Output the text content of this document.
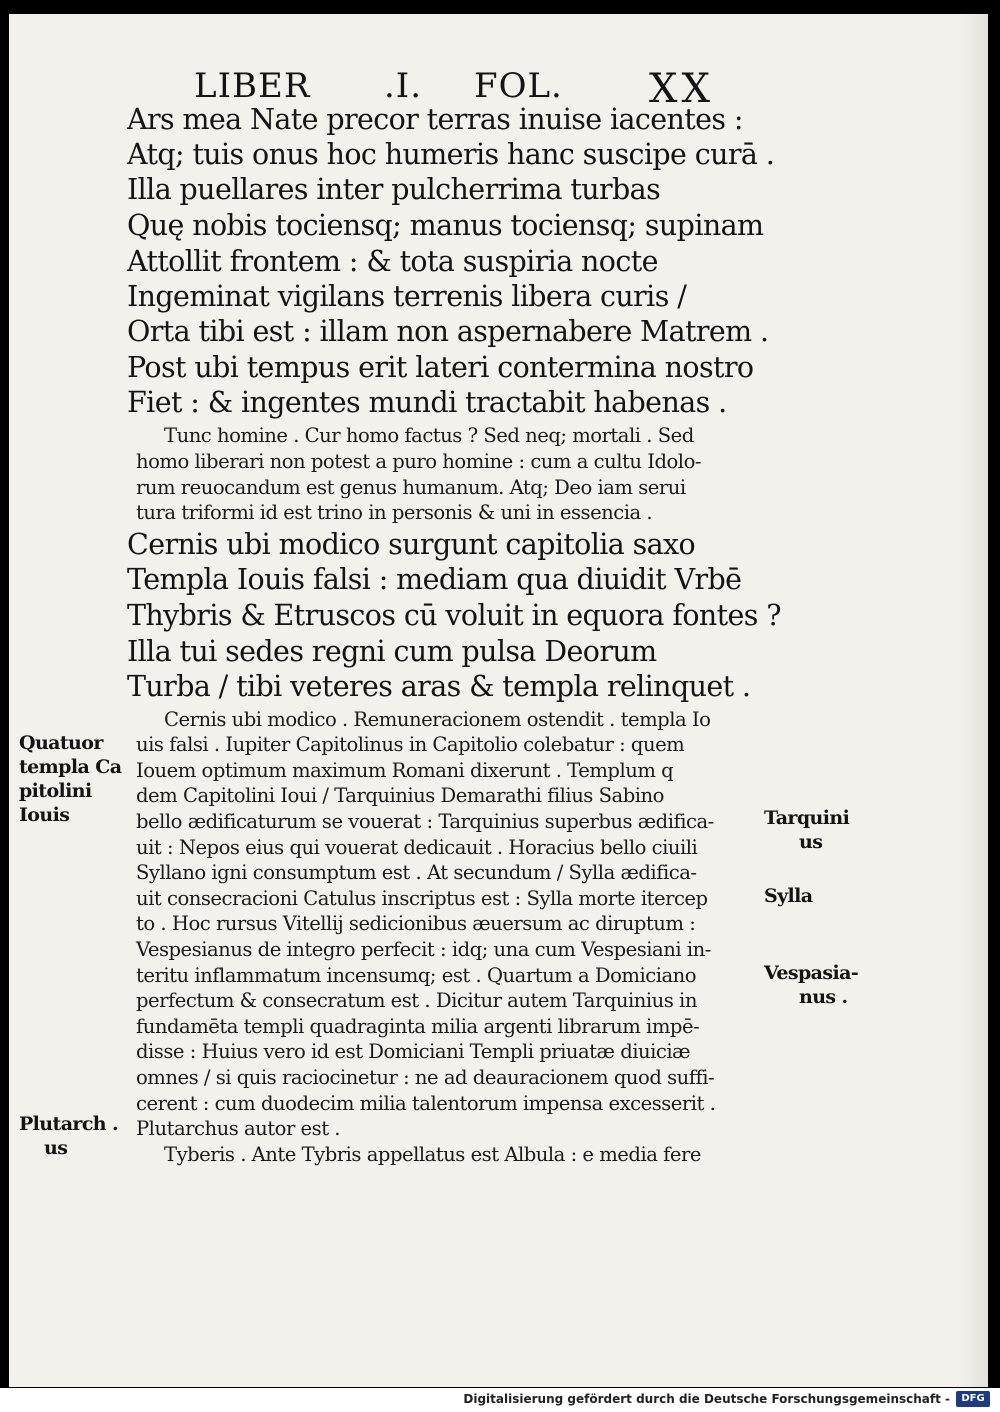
LIBER .I. FOL. XX
Ars mea Nate precor terras inuise iacentes :
Atq; tuis onus hoc humeris hanc suscipe curā .
Illa puellares inter pulcherrima turbas
Quę nobis tociensq; manus tociensq; supinam
Attollit frontem : & tota suspiria nocte
Ingeminat vigilans terrenis libera curis /
Orta tibi est : illam non aspernabere Matrem .
Post ubi tempus erit lateri contermina nostro
Fiet : & ingentes mundi tractabit habenas .
Tunc homine . Cur homo factus ? Sed neq; mortali . Sed
homo liberari non potest a puro homine : cum a cultu Idolo-
rum reuocandum est genus humanum. Atq; Deo iam serui
tura triformi id est trino in personis & uni in essencia .
Cernis ubi modico surgunt capitolia saxo
Templa Iouis falsi : mediam qua diuidit Vrbē
Thybris & Etruscos cū voluit in equora fontes ?
Illa tui sedes regni cum pulsa Deorum
Turba / tibi veteres aras & templa relinquet .
Cernis ubi modico . Remuneracionem ostendit . templa Io
uis falsi . Iupiter Capitolinus in Capitolio colebatur : quem
Iouem optimum maximum Romani dixerunt . Templum q
dem Capitolini Ioui / Tarquinius Demarathi filius Sabino
bello ædificaturum se vouerat : Tarquinius superbus ædifica-
uit : Nepos eius qui vouerat dedicauit . Horacius bello ciuili
Syllano igni consumptum est . At secundum / Sylla ædifica-
uit consecracioni Catulus inscriptus est : Sylla morte itercep
to . Hoc rursus Vitellij sedicionibus æuersum ac diruptum :
Vespesianus de integro perfecit : idq; una cum Vespesiani in-
teritu inflammatum incensumq; est . Quartum a Domiciano
perfectum & consecratum est . Dicitur autem Tarquinius in
fundamēta templi quadraginta milia argenti librarum impē-
disse : Huius vero id est Domiciani Templi priuatæ diuiciæ
omnes / si quis raciocinetur : ne ad deauracionem quod suffi-
cerent : cum duodecim milia talentorum impensa excesserit .
Plutarchus autor est .
Tyberis . Ante Tybris appellatus est Albula : e media fere
Quatuor
templa Ca
pitolini
Iouis
Plutarch .
us
Tarquini
us
Sylla
Vespasia-
nus .
Digitalisierung gefördert durch die Deutsche Forschungsgemeinschaft -	DFG
